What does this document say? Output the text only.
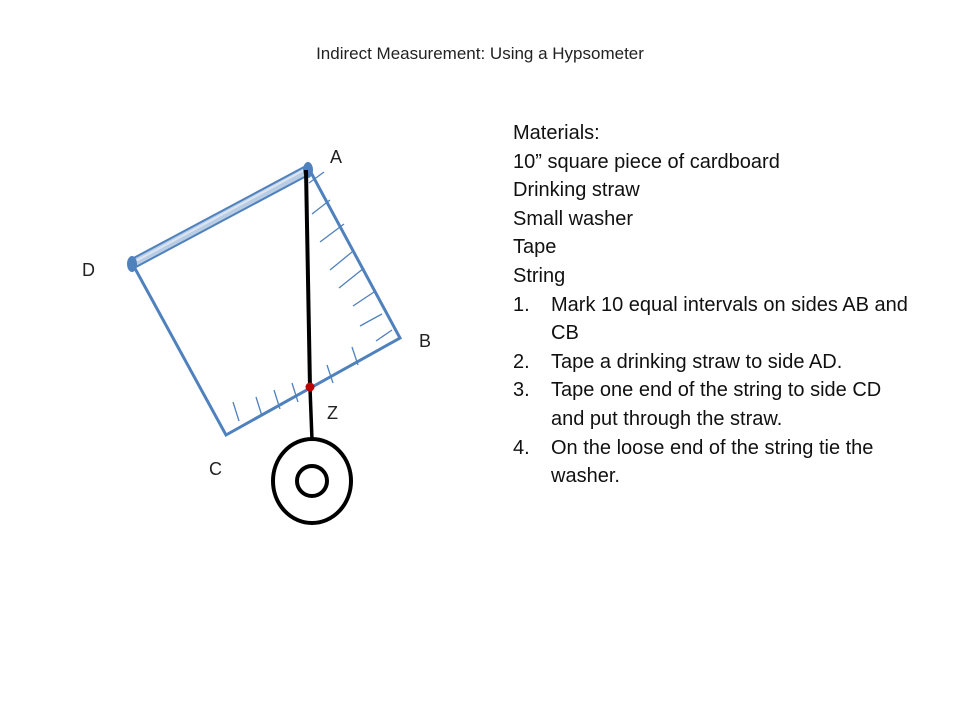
Indirect Measurement: Using a Hypsometer
A
B
C
D
Z
Materials:
10” square piece of cardboard
Drinking straw
Small washer
Tape
String
1.	Mark 10 equal intervals on sides AB and CB
2.	Tape a drinking straw to side AD.
3.	Tape one end of the string to side CD and put through the straw.
4.	On the loose end of the string tie the washer.
